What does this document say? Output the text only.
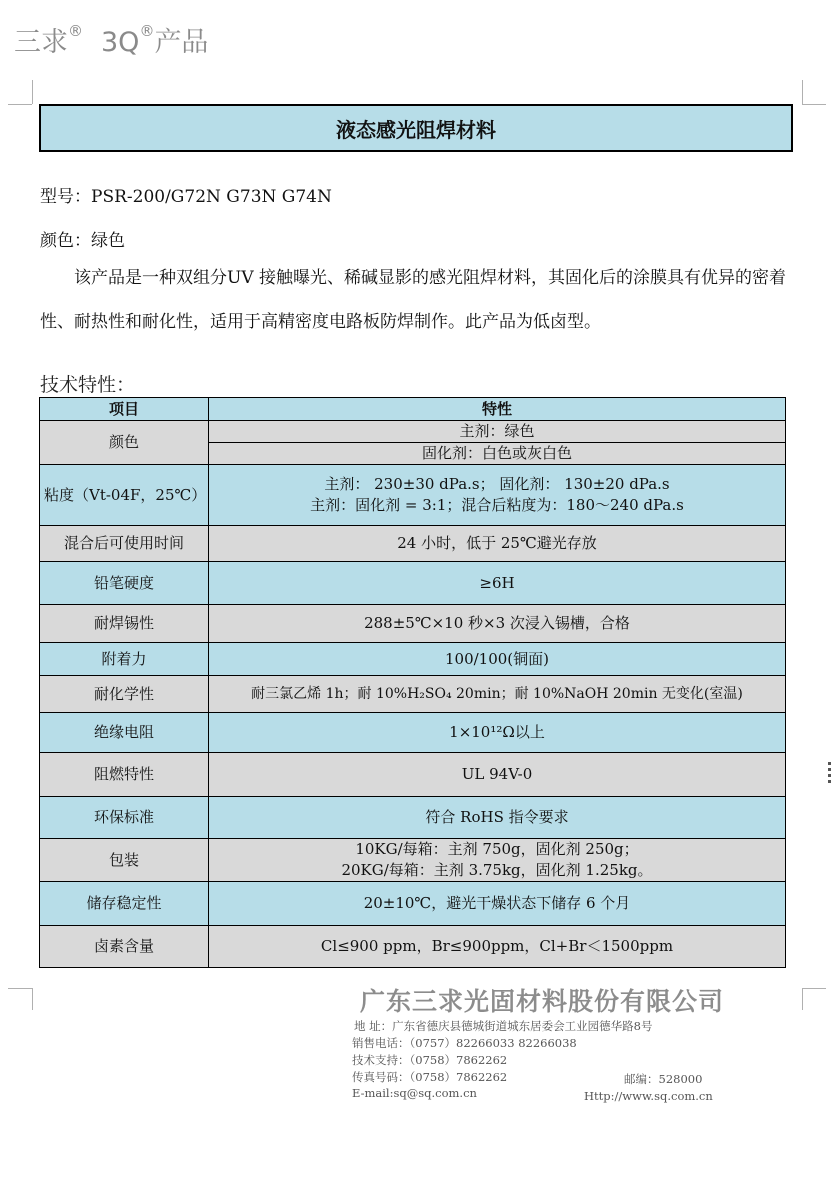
三求® 3Q®产品
液态感光阻焊材料
型号：PSR-200/G72N G73N G74N
颜色：绿色
该产品是一种双组分UV 接触曝光、稀碱显影的感光阻焊材料，其固化后的涂膜具有优异的密着性、耐热性和耐化性，适用于高精密度电路板防焊制作。此产品为低卤型。
技术特性：
项目	特性
颜色	主剂：绿色
固化剂：白色或灰白色

粘度（Vt-04F，25℃）	主剂： 230±30 dPa.s； 固化剂： 130±20 dPa.s
主剂：固化剂 = 3:1；混合后粘度为：180～240 dPa.s

混合后可使用时间	24 小时，低于 25℃避光存放
铅笔硬度	≥6H
耐焊锡性	288±5℃×10 秒×3 次浸入锡槽，合格
附着力	100/100(铜面)
耐化学性	耐三氯乙烯 1h；耐 10%H₂SO₄ 20min；耐 10%NaOH 20min 无变化(室温)
绝缘电阻	1×10¹²Ω以上
阻燃特性	UL 94V-0
环保标准	符合 RoHS 指令要求
包装	10KG/每箱：主剂 750g，固化剂 250g；
20KG/每箱：主剂 3.75kg，固化剂 1.25kg。

储存稳定性	20±10℃，避光干燥状态下储存 6 个月
卤素含量	Cl≤900 ppm，Br≤900ppm，Cl+Br＜1500ppm
广东三求光固材料股份有限公司
地 址：广东省德庆县德城街道城东居委会工业园德华路8号
销售电话：（0757）82266033 82266038
技术支持：（0758）7862262
传真号码：（0758）7862262
E-mail:sq@sq.com.cn
邮编：528000
Http://www.sq.com.cn
